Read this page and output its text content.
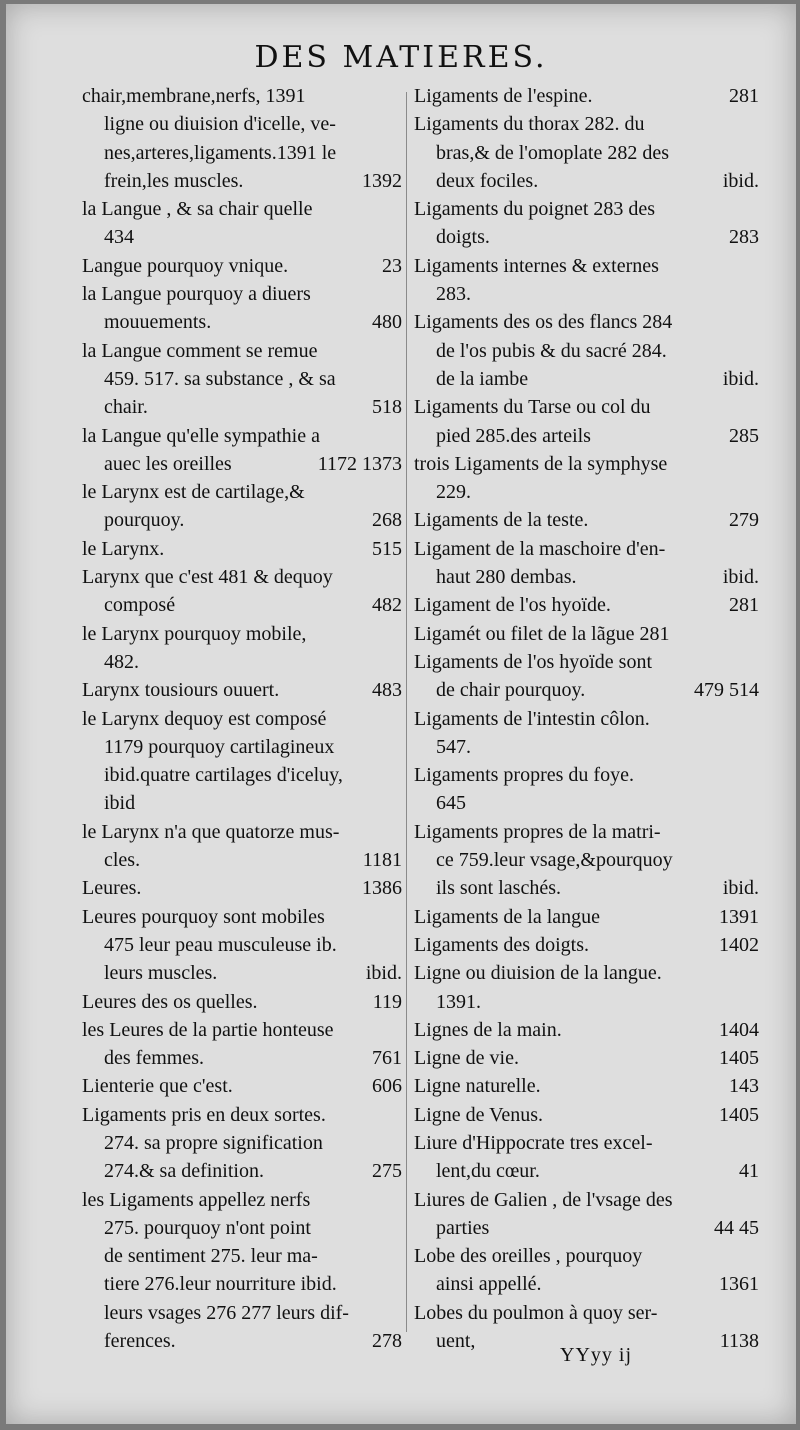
DES MATIERES.
chair,membrane,nerfs, 1391
ligne ou diuision d'icelle, ve-
nes,arteres,ligaments.1391 le
frein,les muscles.	1392
la Langue , & sa chair quelle
434
Langue pourquoy vnique.	23
la Langue pourquoy a diuers
mouuements.	480
la Langue comment se remue
459. 517. sa substance , & sa
chair.	518
la Langue qu'elle sympathie a
auec les oreilles	1172 1373
le Larynx est de cartilage,&
pourquoy.	268
le Larynx.	515
Larynx que c'est 481 & dequoy
composé	482
le Larynx pourquoy mobile,
482.
Larynx tousiours ouuert.	483
le Larynx dequoy est composé
1179 pourquoy cartilagineux
ibid.quatre cartilages d'iceluy,
ibid
le Larynx n'a que quatorze mus-
cles.	1181
Leures.	1386
Leures pourquoy sont mobiles
475 leur peau musculeuse ib.
leurs muscles.	ibid.
Leures des os quelles.	119
les Leures de la partie honteuse
des femmes.	761
Lienterie que c'est.	606
Ligaments pris en deux sortes.
274. sa propre signification
274.& sa definition.	275
les Ligaments appellez nerfs
275. pourquoy n'ont point
de sentiment 275. leur ma-
tiere 276.leur nourriture ibid.
leurs vsages 276 277 leurs dif-
ferences.	278
Ligaments de l'espine.	281
Ligaments du thorax 282. du
bras,& de l'omoplate 282 des
deux fociles.	ibid.
Ligaments du poignet 283 des
doigts.	283
Ligaments internes & externes
283.
Ligaments des os des flancs 284
de l'os pubis & du sacré 284.
de la iambe	ibid.
Ligaments du Tarse ou col du
pied 285.des arteils	285
trois Ligaments de la symphyse
229.
Ligaments de la teste.	279
Ligament de la maschoire d'en-
haut 280 dembas.	ibid.
Ligament de l'os hyoïde.	281
Ligamét ou filet de la lãgue 281
Ligaments de l'os hyoïde sont
de chair pourquoy.	479 514
Ligaments de l'intestin côlon.
547.
Ligaments propres du foye.
645
Ligaments propres de la matri-
ce 759.leur vsage,&pourquoy
ils sont laschés.	ibid.
Ligaments de la langue	1391
Ligaments des doigts.	1402
Ligne ou diuision de la langue.
1391.
Lignes de la main.	1404
Ligne de vie.	1405
Ligne naturelle.	143
Ligne de Venus.	1405
Liure d'Hippocrate tres excel-
lent,du cœur.	41
Liures de Galien , de l'vsage des
parties	44 45
Lobe des oreilles , pourquoy
ainsi appellé.	1361
Lobes du poulmon à quoy ser-
uent,	1138
YYyy ij
